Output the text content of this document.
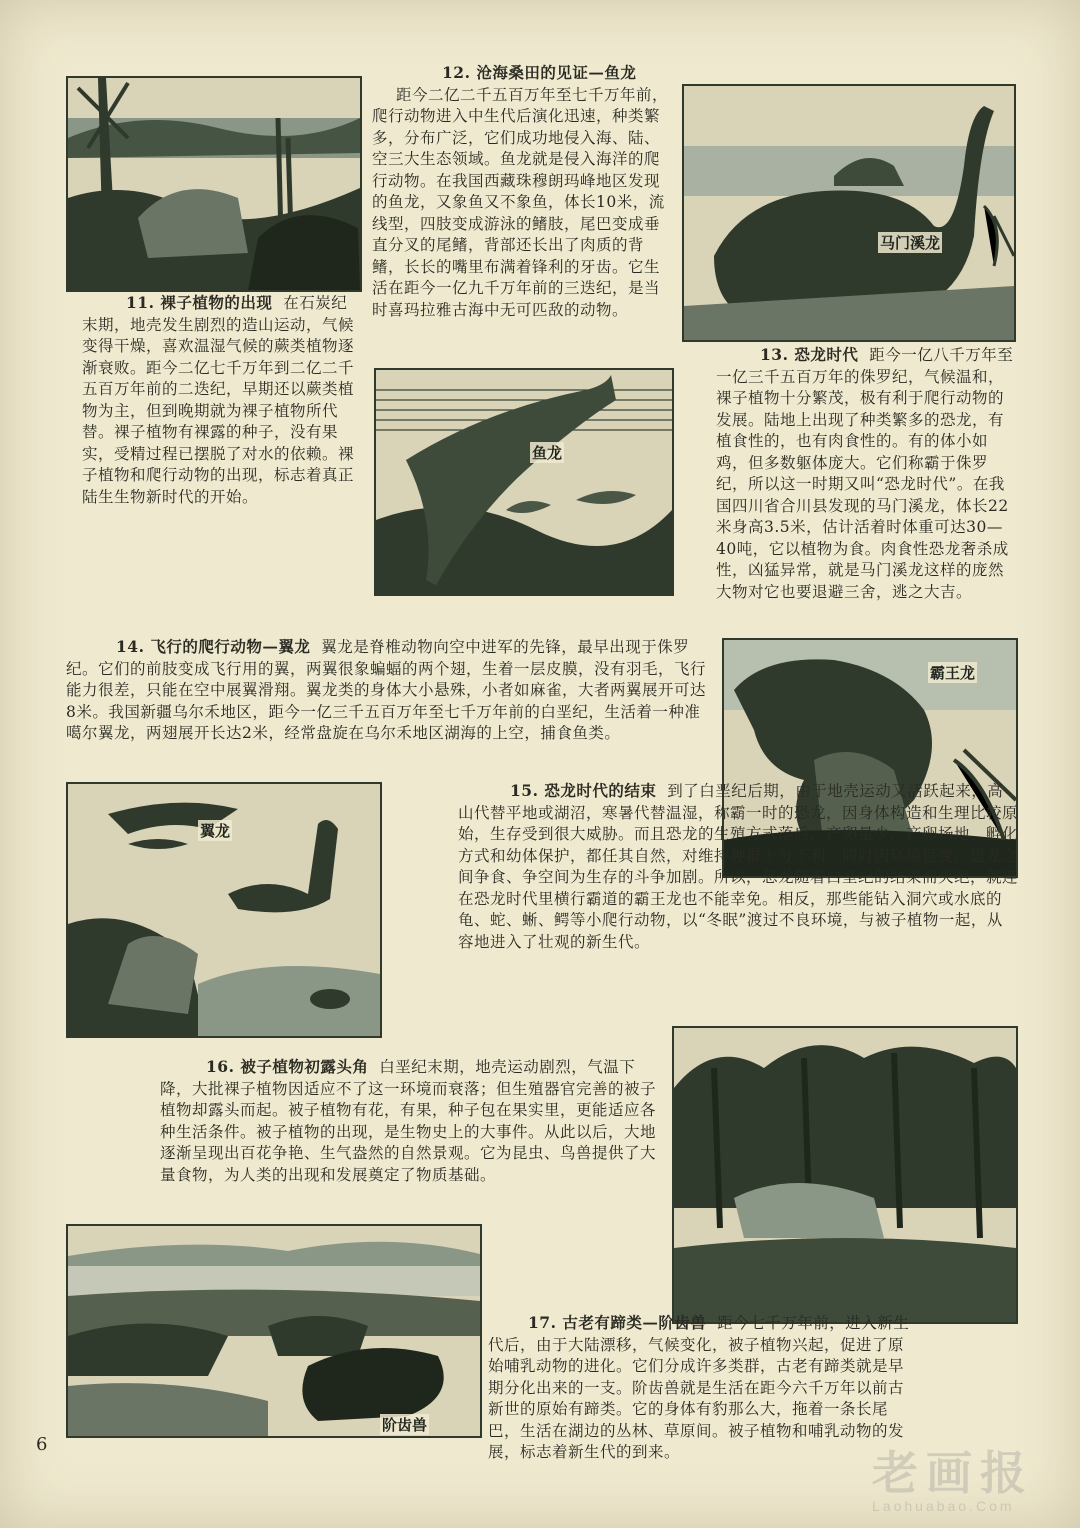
鱼龙
马门溪龙
霸王龙
翼龙
阶齿兽
11. 裸子植物的出现 在石炭纪末期，地壳发生剧烈的造山运动，气候变得干燥，喜欢温湿气候的蕨类植物逐渐衰败。距今二亿七千万年到二亿二千五百万年前的二迭纪，早期还以蕨类植物为主，但到晚期就为裸子植物所代替。裸子植物有裸露的种子，没有果实，受精过程已摆脱了对水的依赖。裸子植物和爬行动物的出现，标志着真正陆生生物新时代的开始。
12. 沧海桑田的见证—鱼龙

距今二亿二千五百万年至七千万年前，爬行动物进入中生代后演化迅速，种类繁多，分布广泛，它们成功地侵入海、陆、空三大生态领域。鱼龙就是侵入海洋的爬行动物。在我国西藏珠穆朗玛峰地区发现的鱼龙，又象鱼又不象鱼，体长10米，流线型，四肢变成游泳的鳍肢，尾巴变成垂直分叉的尾鳍，背部还长出了肉质的背鳍，长长的嘴里布满着锋利的牙齿。它生活在距今一亿九千万年前的三迭纪，是当时喜玛拉雅古海中无可匹敌的动物。
13. 恐龙时代 距今一亿八千万年至一亿三千五百万年的侏罗纪，气候温和，裸子植物十分繁茂，极有利于爬行动物的发展。陆地上出现了种类繁多的恐龙，有植食性的，也有肉食性的。有的体小如鸡，但多数躯体庞大。它们称霸于侏罗纪，所以这一时期又叫“恐龙时代”。在我国四川省合川县发现的马门溪龙，体长22米身高3.5米，估计活着时体重可达30—40吨，它以植物为食。肉食性恐龙奢杀成性，凶猛异常，就是马门溪龙这样的庞然大物对它也要退避三舍，逃之大吉。
14. 飞行的爬行动物—翼龙 翼龙是脊椎动物向空中进军的先锋，最早出现于侏罗纪。它们的前肢变成飞行用的翼，两翼很象蝙蝠的两个翅，生着一层皮膜，没有羽毛，飞行能力很差，只能在空中展翼滑翔。翼龙类的身体大小悬殊，小者如麻雀，大者两翼展开可达8米。我国新疆乌尔禾地区，距今一亿三千五百万年至七千万年前的白垩纪，生活着一种准噶尔翼龙，两翅展开长达2米，经常盘旋在乌尔禾地区湖海的上空，捕食鱼类。
15. 恐龙时代的结束 到了白垩纪后期，由于地壳运动又活跃起来，高山代替平地或湖沼，寒暑代替温湿，称霸一时的恐龙，因身体构造和生理比较原始，生存受到很大威胁。而且恐龙的生殖方式落后，产卵量少，产卵场地、孵化方式和幼体保护，都任其自然，对维持种群十分不利。同时因环境巨变，恐龙之间争食、争空间为生存的斗争加剧。所以，恐龙随着白垩纪的结束而灭绝，就连在恐龙时代里横行霸道的霸王龙也不能幸免。相反，那些能钻入洞穴或水底的龟、蛇、蜥、鳄等小爬行动物，以“冬眠”渡过不良环境，与被子植物一起，从容地进入了壮观的新生代。
16. 被子植物初露头角 白垩纪末期，地壳运动剧烈，气温下降，大批裸子植物因适应不了这一环境而衰落；但生殖器官完善的被子植物却露头而起。被子植物有花，有果，种子包在果实里，更能适应各种生活条件。被子植物的出现，是生物史上的大事件。从此以后，大地逐渐呈现出百花争艳、生气盎然的自然景观。它为昆虫、鸟兽提供了大量食物，为人类的出现和发展奠定了物质基础。
17. 古老有蹄类—阶齿兽 距今七千万年前，进入新生代后，由于大陆漂移，气候变化，被子植物兴起，促进了原始哺乳动物的进化。它们分成许多类群，古老有蹄类就是早期分化出来的一支。阶齿兽就是生活在距今六千万年以前古新世的原始有蹄类。它的身体有豹那么大，拖着一条长尾巴，生活在湖边的丛林、草原间。被子植物和哺乳动物的发展，标志着新生代的到来。
6
老画报
Laohuabao.Com
